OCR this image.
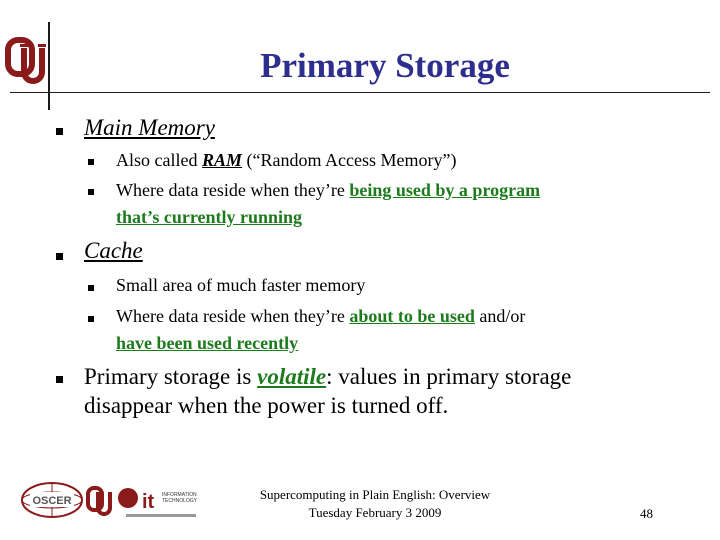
Primary Storage
Main Memory
Also called RAM (“Random Access Memory”)
Where data reside when they’re being used by a program
that’s currently running
Cache
Small area of much faster memory
Where data reside when they’re about to be used and/or
have been used recently
Primary storage is volatile: values in primary storage
disappear when the power is turned off.
OSCER	it INFORMATION
TECHNOLOGY	Supercomputing in Plain English: Overview
Tuesday February 3 2009	48
